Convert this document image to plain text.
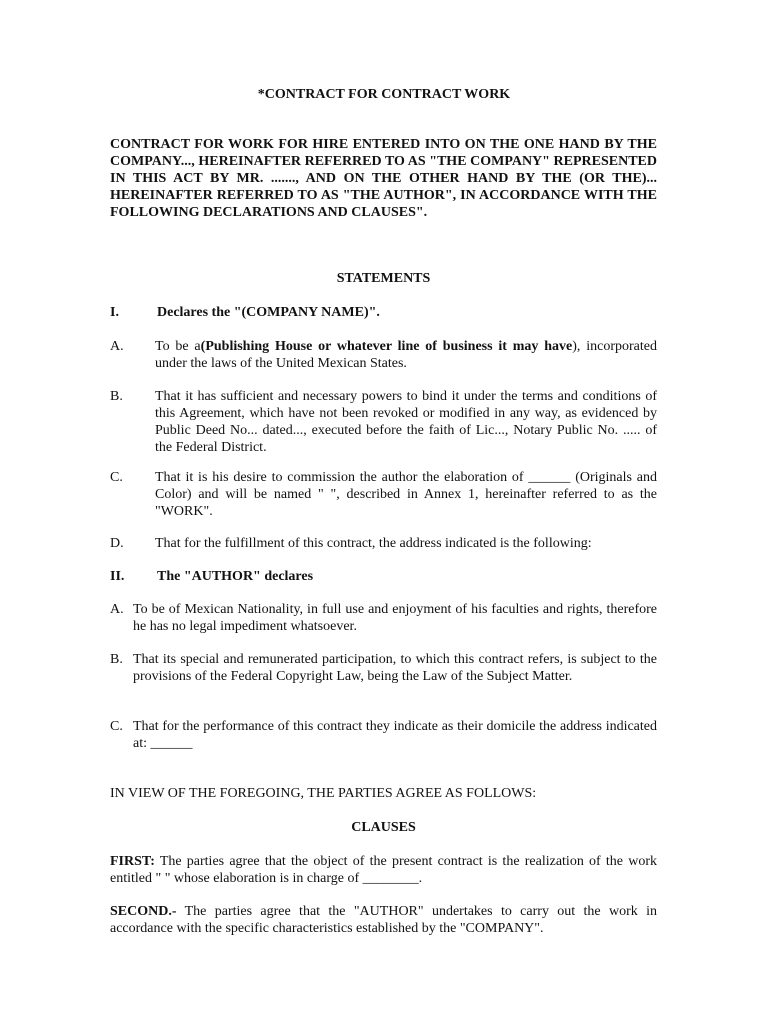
*CONTRACT FOR CONTRACT WORK
CONTRACT FOR WORK FOR HIRE ENTERED INTO ON THE ONE HAND BY THE COMPANY..., HEREINAFTER REFERRED TO AS "THE COMPANY" REPRESENTED IN THIS ACT BY MR. ......., AND ON THE OTHER HAND BY THE (OR THE)... HEREINAFTER REFERRED TO AS "THE AUTHOR", IN ACCORDANCE WITH THE FOLLOWING DECLARATIONS AND CLAUSES".
STATEMENTS
I.	Declares the "(COMPANY NAME)".
A. To be a(Publishing House or whatever line of business it may have), incorporated under the laws of the United Mexican States.
B. That it has sufficient and necessary powers to bind it under the terms and conditions of this Agreement, which have not been revoked or modified in any way, as evidenced by Public Deed No... dated..., executed before the faith of Lic..., Notary Public No. ..... of the Federal District.
C. That it is his desire to commission the author the elaboration of ______ (Originals and Color) and will be named " ", described in Annex 1, hereinafter referred to as the "WORK".
D. That for the fulfillment of this contract, the address indicated is the following:
II. The "AUTHOR" declares
A. To be of Mexican Nationality, in full use and enjoyment of his faculties and rights, therefore he has no legal impediment whatsoever.
B. That its special and remunerated participation, to which this contract refers, is subject to the provisions of the Federal Copyright Law, being the Law of the Subject Matter.
C. That for the performance of this contract they indicate as their domicile the address indicated at: ______
IN VIEW OF THE FOREGOING, THE PARTIES AGREE AS FOLLOWS:
CLAUSES
FIRST: The parties agree that the object of the present contract is the realization of the work entitled " " whose elaboration is in charge of ________.
SECOND.- The parties agree that the "AUTHOR" undertakes to carry out the work in accordance with the specific characteristics established by the "COMPANY".
